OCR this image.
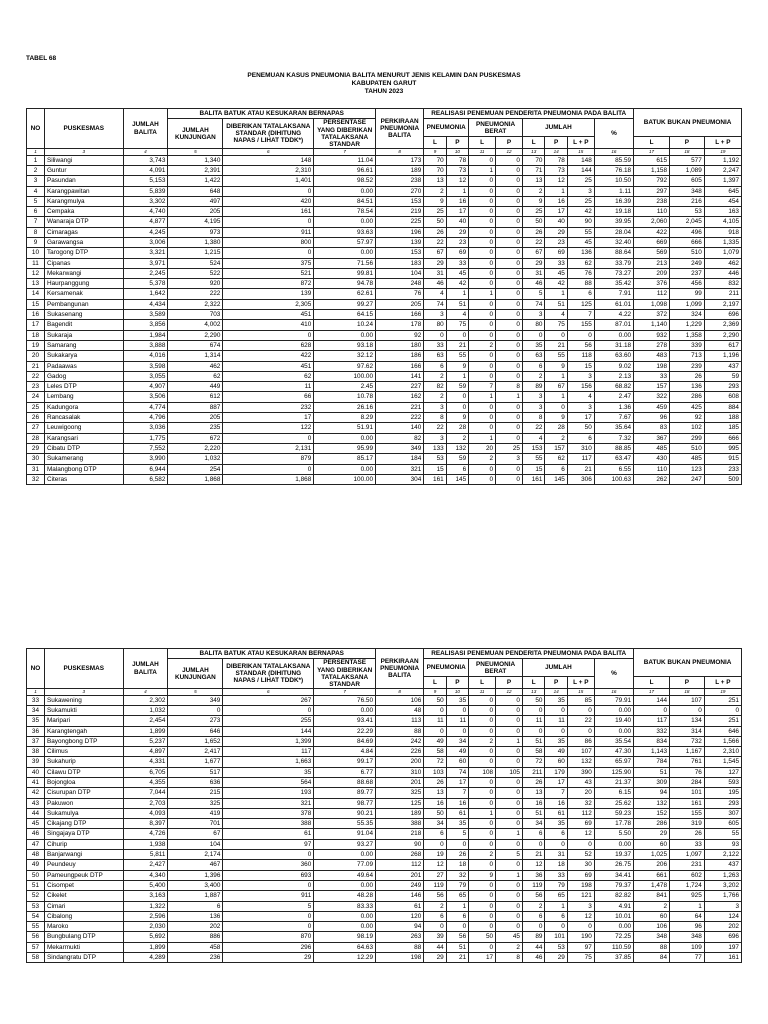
TABEL 68
PENEMUAN KASUS PNEUMONIA BALITA MENURUT JENIS KELAMIN DAN PUSKESMAS
KABUPATEN GARUT
TAHUN 2023
NO	PUSKESMAS	JUMLAH BALITA	BALITA BATUK ATAU KESUKARAN BERNAPAS			PERKIRAAN PNEUMONIA BALITA	REALISASI PENEMUAN PENDERITA PNEUMONIA PADA BALITA								BATUK BUKAN PNEUMONIA		
			JUMLAH KUNJUNGAN	DIBERIKAN TATALAKSANA STANDAR (DIHITUNG NAPAS / LIHAT TDDK*)	PERSENTASE YANG DIBERIKAN TATALAKSANA STANDAR		PNEUMONIA		PNEUMONIA BERAT		JUMLAH			%			
							L	P	L	P	L	P	L + P		L	P	L + P
1	3	4	5	6	7	8	9	10	11	12	13	14	15	16	17	18	19
1	Siliwangi	3,743	1,340	148	11.04	173	70	78	0	0	70	78	148	85.59	615	577	1,192
2	Guntur	4,091	2,391	2,310	96.61	189	70	73	1	0	71	73	144	76.18	1,158	1,089	2,247
3	Pasundan	5,153	1,422	1,401	98.52	238	13	12	0	0	13	12	25	10.50	792	605	1,397
4	Karangpawitan	5,839	648	0	0.00	270	2	1	0	0	2	1	3	1.11	297	348	645
5	Karangmulya	3,302	497	420	84.51	153	9	16	0	0	9	16	25	16.39	238	216	454
6	Cempaka	4,740	205	161	78.54	219	25	17	0	0	25	17	42	19.18	110	53	163
7	Wanaraja DTP	4,877	4,195	0	0.00	225	50	40	0	0	50	40	90	39.95	2,060	2,045	4,105
8	Cimaragas	4,245	973	911	93.63	196	26	29	0	0	26	29	55	28.04	422	496	918
9	Garawangsa	3,006	1,380	800	57.97	139	22	23	0	0	22	23	45	32.40	669	666	1,335
10	Tarogong DTP	3,321	1,215	0	0.00	153	67	69	0	0	67	69	136	88.64	569	510	1,079
11	Cipanas	3,971	524	375	71.56	183	29	33	0	0	29	33	62	33.79	213	249	462
12	Mekarwangi	2,245	522	521	99.81	104	31	45	0	0	31	45	76	73.27	209	237	446
13	Haurpanggung	5,378	920	872	94.78	248	46	42	0	0	46	42	88	35.42	376	456	832
14	Kersamenak	1,642	222	139	62.61	76	4	1	1	0	5	1	6	7.91	112	99	211
15	Pembangunan	4,434	2,322	2,305	99.27	205	74	51	0	0	74	51	125	61.01	1,098	1,099	2,197
16	Sukasenang	3,589	703	451	64.15	166	3	4	0	0	3	4	7	4.22	372	324	696
17	Bagendit	3,856	4,002	410	10.24	178	80	75	0	0	80	75	155	87.01	1,140	1,229	2,369
18	Sukaraja	1,984	2,290	0	0.00	92	0	0	0	0	0	0	0	0.00	932	1,358	2,290
19	Samarang	3,888	674	628	93.18	180	33	21	2	0	35	21	56	31.18	278	339	617
20	Sukakarya	4,016	1,314	422	32.12	186	63	55	0	0	63	55	118	63.60	483	713	1,196
21	Padaawas	3,598	462	451	97.62	166	6	9	0	0	6	9	15	9.02	198	239	437
22	Gadog	3,055	62	62	100.00	141	2	1	0	0	2	1	3	2.13	33	26	59
23	Leles DTP	4,907	449	11	2.45	227	82	59	7	8	89	67	156	68.82	157	136	293
24	Lembang	3,506	612	66	10.78	162	2	0	1	1	3	1	4	2.47	322	286	608
25	Kadungora	4,774	887	232	26.16	221	3	0	0	0	3	0	3	1.36	459	425	884
26	Rancasalak	4,796	205	17	8.29	222	8	9	0	0	8	9	17	7.67	96	92	188
27	Leuwigoong	3,036	235	122	51.91	140	22	28	0	0	22	28	50	35.64	83	102	185
28	Karangsari	1,775	672	0	0.00	82	3	2	1	0	4	2	6	7.32	367	299	666
29	Cibatu DTP	7,552	2,220	2,131	95.99	349	133	132	20	25	153	157	310	88.85	485	510	995
30	Sukamerang	3,990	1,032	879	85.17	184	53	59	2	3	55	62	117	63.47	430	485	915
31	Malangbong DTP	6,944	254	0	0.00	321	15	6	0	0	15	6	21	6.55	110	123	233
32	Citeras	6,582	1,868	1,868	100.00	304	161	145	0	0	161	145	306	100.63	262	247	509
NO	PUSKESMAS	JUMLAH BALITA	BALITA BATUK ATAU KESUKARAN BERNAPAS			PERKIRAAN PNEUMONIA BALITA	REALISASI PENEMUAN PENDERITA PNEUMONIA PADA BALITA								BATUK BUKAN PNEUMONIA		
			JUMLAH KUNJUNGAN	DIBERIKAN TATALAKSANA STANDAR (DIHITUNG NAPAS / LIHAT TDDK*)	PERSENTASE YANG DIBERIKAN TATALAKSANA STANDAR		PNEUMONIA		PNEUMONIA BERAT		JUMLAH			%			
							L	P	L	P	L	P	L + P		L	P	L + P
1	3	4	5	6	7	8	9	10	11	12	13	14	15	16	17	18	19
33	Sukawening	2,302	349	267	76.50	106	50	35	0	0	50	35	85	79.91	144	107	251
34	Sukamukti	1,032	0	0	0.00	48	0	0	0	0	0	0	0	0.00	0	0	0
35	Maripari	2,454	273	255	93.41	113	11	11	0	0	11	11	22	19.40	117	134	251
36	Karangtengah	1,899	646	144	22.29	88	0	0	0	0	0	0	0	0.00	332	314	646
37	Bayongbong DTP	5,237	1,652	1,399	84.69	242	49	34	2	1	51	35	86	35.54	834	732	1,566
38	Cilimus	4,897	2,417	117	4.84	226	58	49	0	0	58	49	107	47.30	1,143	1,167	2,310
39	Sukahurip	4,331	1,677	1,663	99.17	200	72	60	0	0	72	60	132	65.97	784	761	1,545
40	Cilawu DTP	6,705	517	35	6.77	310	103	74	108	105	211	179	390	125.90	51	76	127
41	Bojongloa	4,355	636	564	88.68	201	26	17	0	0	26	17	43	21.37	309	284	593
42	Cisurupan DTP	7,044	215	193	89.77	325	13	7	0	0	13	7	20	6.15	94	101	195
43	Pakuwon	2,703	325	321	98.77	125	16	16	0	0	16	16	32	25.62	132	161	293
44	Sukamulya	4,093	419	378	90.21	189	50	61	1	0	51	61	112	59.23	152	155	307
45	Cikajang DTP	8,397	701	388	55.35	388	34	35	0	0	34	35	69	17.78	286	319	605
46	Singajaya DTP	4,726	67	61	91.04	218	6	5	0	1	6	6	12	5.50	29	26	55
47	Cihurip	1,938	104	97	93.27	90	0	0	0	0	0	0	0	0.00	60	33	93
48	Banjarwangi	5,811	2,174	0	0.00	268	19	26	2	5	21	31	52	19.37	1,025	1,097	2,122
49	Peundeuy	2,427	467	360	77.09	112	12	18	0	0	12	18	30	26.75	206	231	437
50	Pameungpeuk DTP	4,340	1,396	693	49.64	201	27	32	9	1	36	33	69	34.41	661	602	1,263
51	Cisompet	5,400	3,400	0	0.00	249	119	79	0	0	119	79	198	79.37	1,478	1,724	3,202
52	Cikelet	3,163	1,887	911	48.28	146	56	65	0	0	56	65	121	82.82	841	925	1,766
53	Cimari	1,322	6	5	83.33	61	2	1	0	0	2	1	3	4.91	2	1	3
54	Cibalong	2,596	136	0	0.00	120	6	6	0	0	6	6	12	10.01	60	64	124
55	Maroko	2,030	202	0	0.00	94	0	0	0	0	0	0	0	0.00	106	96	202
56	Bungbulang DTP	5,692	886	870	98.19	263	39	56	50	45	89	101	190	72.25	348	348	696
57	Mekarmukti	1,899	458	296	64.63	88	44	51	0	2	44	53	97	110.59	88	109	197
58	Sindangratu DTP	4,289	236	29	12.29	198	29	21	17	8	46	29	75	37.85	84	77	161
